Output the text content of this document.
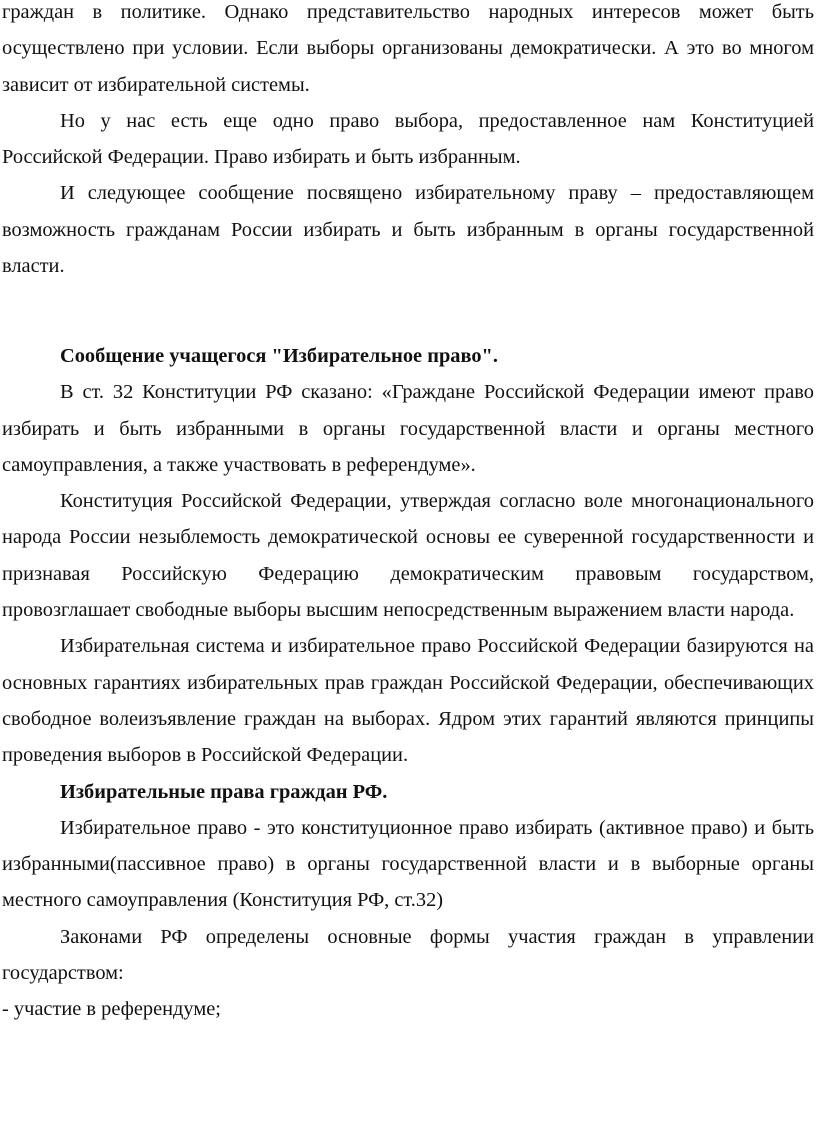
граждан в политике. Однако представительство народных интересов может быть осуществлено при условии. Если выборы организованы демократически. А это во многом зависит от избирательной системы.

Но у нас есть еще одно право выбора, предоставленное нам Конституцией Российской Федерации. Право избирать и быть избранным.

И следующее сообщение посвящено избирательному праву – предоставляющем возможность гражданам России избирать и быть избранным в органы государственной власти.

Сообщение учащегося "Избирательное право".

В ст. 32 Конституции РФ сказано: «Граждане Российской Федерации имеют право избирать и быть избранными в органы государственной власти и органы местного самоуправления, а также участвовать в референдуме».

Конституция Российской Федерации, утверждая согласно воле многонационального народа России незыблемость демократической основы ее суверенной государственности и признавая Российскую Федерацию демократическим правовым государством, провозглашает свободные выборы высшим непосредственным выражением власти народа.

Избирательная система и избирательное право Российской Федерации базируются на основных гарантиях избирательных прав граждан Российской Федерации, обеспечивающих свободное волеизъявление граждан на выборах. Ядром этих гарантий являются принципы проведения выборов в Российской Федерации.

Избирательные права граждан РФ.

Избирательное право - это конституционное право избирать (активное право) и быть избранными(пассивное право) в органы государственной власти и в выборные органы местного самоуправления (Конституция РФ, ст.32)

Законами РФ определены основные формы участия граждан в управлении государством:

- участие в референдуме;
